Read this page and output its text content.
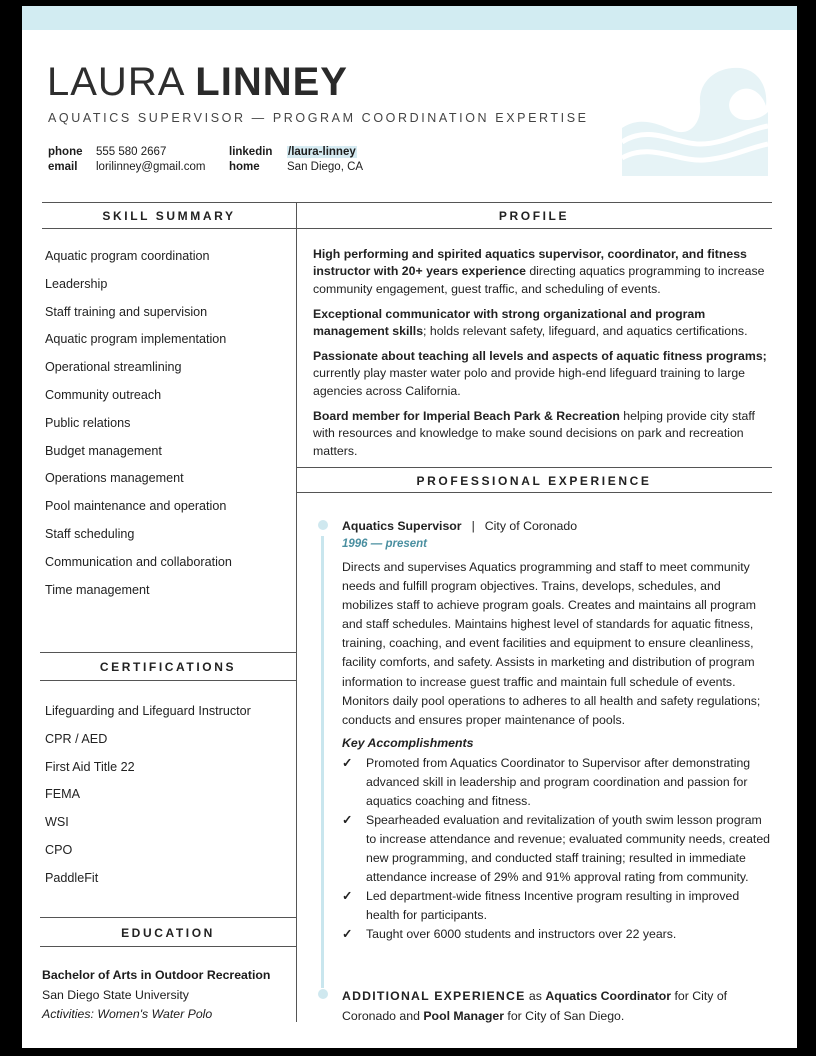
LAURA LINNEY
AQUATICS SUPERVISOR — PROGRAM COORDINATION EXPERTISE
phone 555 580 2667
email lorilinney@gmail.com
linkedin /laura-linney
home San Diego, CA
SKILL SUMMARY
Aquatic program coordination
Leadership
Staff training and supervision
Aquatic program implementation
Operational streamlining
Community outreach
Public relations
Budget management
Operations management
Pool maintenance and operation
Staff scheduling
Communication and collaboration
Time management
CERTIFICATIONS
Lifeguarding and Lifeguard Instructor
CPR / AED
First Aid Title 22
FEMA
WSI
CPO
PaddleFit
EDUCATION
Bachelor of Arts in Outdoor Recreation
San Diego State University
Activities: Women's Water Polo
PROFILE

High performing and spirited aquatics supervisor, coordinator, and fitness instructor with 20+ years experience directing aquatics programming to increase community engagement, guest traffic, and scheduling of events.

Exceptional communicator with strong organizational and program management skills; holds relevant safety, lifeguard, and aquatics certifications.

Passionate about teaching all levels and aspects of aquatic fitness programs; currently play master water polo and provide high-end lifeguard training to large agencies across California.

Board member for Imperial Beach Park & Recreation helping provide city staff with resources and knowledge to make sound decisions on park and recreation matters.

PROFESSIONAL EXPERIENCE
Aquatics Supervisor | City of Coronado
1996 — present
Directs and supervises Aquatics programming and staff to meet community needs and fulfill program objectives. Trains, develops, schedules, and mobilizes staff to achieve program goals. Creates and maintains all program and staff schedules. Maintains highest level of standards for aquatic fitness, training, coaching, and event facilities and equipment to ensure cleanliness, facility comforts, and safety. Assists in marketing and distribution of program information to increase guest traffic and maintain full schedule of events. Monitors daily pool operations to adheres to all health and safety regulations; conducts and ensures proper maintenance of pools.
Key Accomplishments
✓ Promoted from Aquatics Coordinator to Supervisor after demonstrating advanced skill in leadership and program coordination and passion for aquatics coaching and fitness.
✓ Spearheaded evaluation and revitalization of youth swim lesson program to increase attendance and revenue; evaluated community needs, created new programming, and conducted staff training; resulted in immediate attendance increase of 29% and 91% approval rating from community.
✓ Led department-wide fitness Incentive program resulting in improved health for participants.
✓ Taught over 6000 students and instructors over 22 years.
ADDITIONAL EXPERIENCE as Aquatics Coordinator for City of Coronado and Pool Manager for City of San Diego.
